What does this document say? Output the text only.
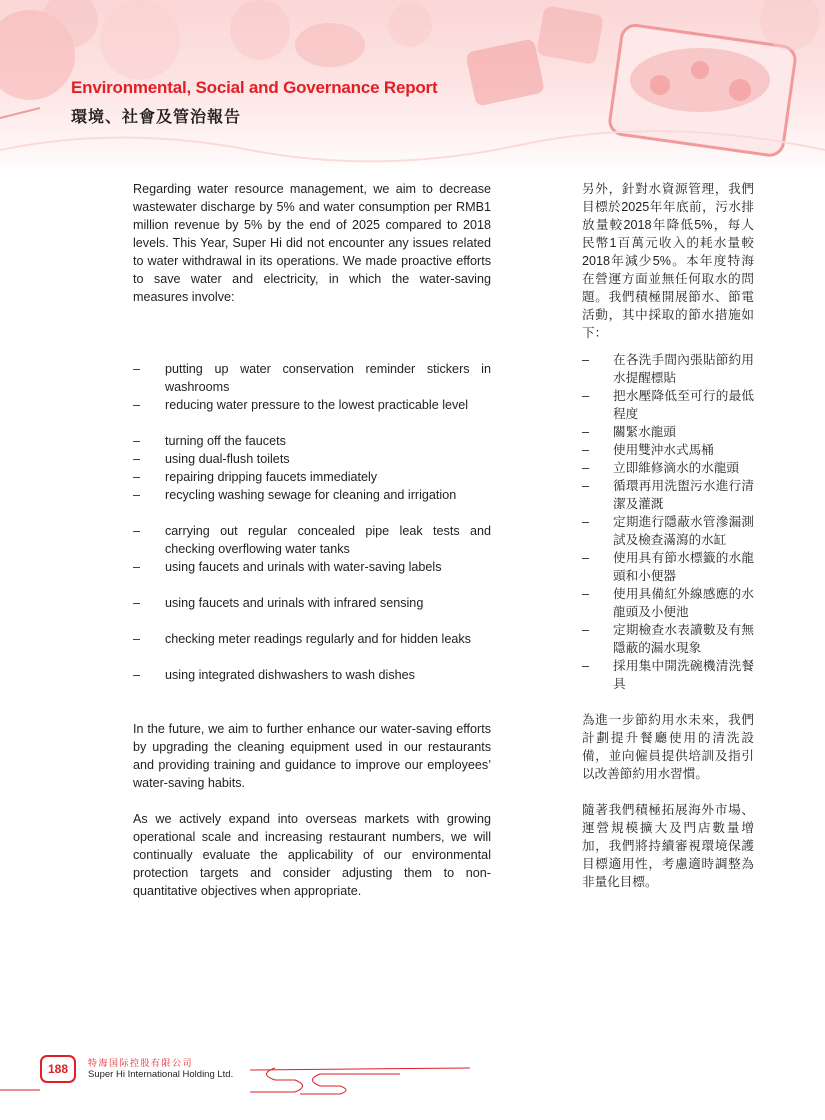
Environmental, Social and Governance Report
環境、社會及管治報告

Regarding water resource management, we aim to decrease wastewater discharge by 5% and water consumption per RMB1 million revenue by 5% by the end of 2025 compared to 2018 levels. This Year, Super Hi did not encounter any issues related to water withdrawal in its operations. We made proactive efforts to save water and electricity, in which the water-saving measures involve:

– putting up water conservation reminder stickers in washrooms
– reducing water pressure to the lowest practicable level
– turning off the faucets
– using dual-flush toilets
– repairing dripping faucets immediately
– recycling washing sewage for cleaning and irrigation
– carrying out regular concealed pipe leak tests and checking overflowing water tanks
– using faucets and urinals with water-saving labels
– using faucets and urinals with infrared sensing
– checking meter readings regularly and for hidden leaks
– using integrated dishwashers to wash dishes

In the future, we aim to further enhance our water-saving efforts by upgrading the cleaning equipment used in our restaurants and providing training and guidance to improve our employees’ water-saving habits.

As we actively expand into overseas markets with growing operational scale and increasing restaurant numbers, we will continually evaluate the applicability of our environmental protection targets and consider adjusting them to non-quantitative objectives when appropriate.

另外，針對水資源管理，我們目標於2025年年底前，污水排放量較2018年降低5%，每人民幣1百萬元收入的耗水量較2018年減少5%。本年度特海在營運方面並無任何取水的問題。我們積極開展節水、節電活動，其中採取的節水措施如下：

– 在各洗手間內張貼節約用水提醒標貼
– 把水壓降低至可行的最低程度
– 關緊水龍頭
– 使用雙沖水式馬桶
– 立即維修滴水的水龍頭
– 循環再用洗盥污水進行清潔及灌溉
– 定期進行隱蔽水管滲漏測試及檢查滿瀉的水缸
– 使用具有節水標籤的水龍頭和小便器
– 使用具備紅外線感應的水龍頭及小便池
– 定期檢查水表讀數及有無隱蔽的漏水現象
– 採用集中開洗碗機清洗餐具

為進一步節約用水未來，我們計劃提升餐廳使用的清洗設備，並向僱員提供培訓及指引以改善節約用水習慣。

隨著我們積極拓展海外市場、運營規模擴大及門店數量增加，我們將持續審視環境保護目標適用性，考慮適時調整為非量化目標。

188	特海国际控股有限公司
Super Hi International Holding Ltd.
